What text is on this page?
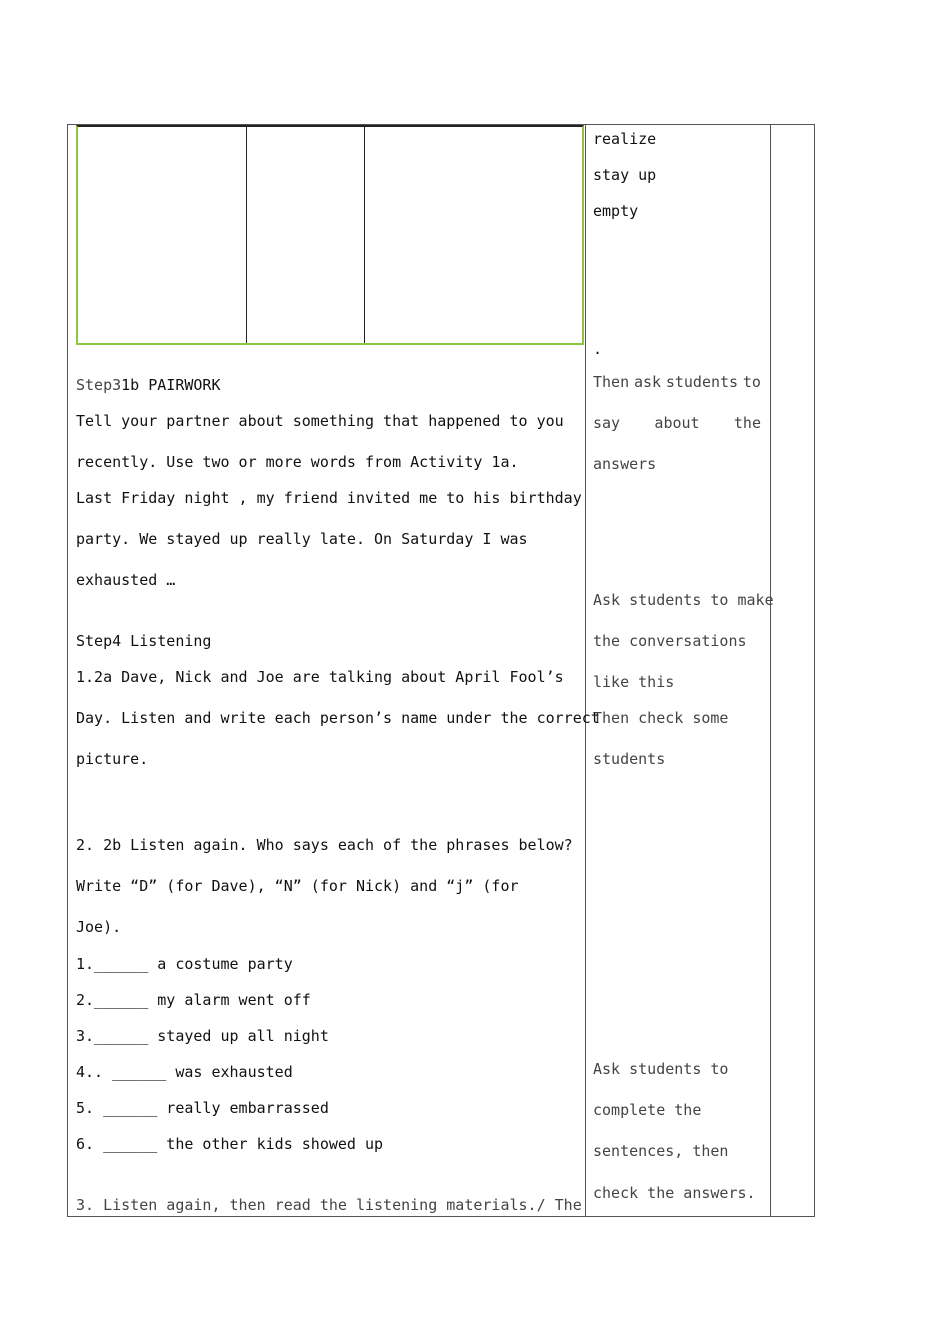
realize
stay up
empty
.
Then ask students to
say about the
answers
Ask students to make
the conversations
like this
Then check some
students
Ask students to
complete the
sentences, then
check the answers.
Step31b PAIRWORK
Tell your partner about something that happened to you
recently. Use two or more words from Activity 1a.
Last Friday night , my friend invited me to his birthday
party. We stayed up really late. On Saturday I was
exhausted …
Step4 Listening
1.2a Dave, Nick and Joe are talking about April Fool’s
Day. Listen and write each person’s name under the correct
picture.
2. 2b Listen again. Who says each of the phrases below?
Write “D” (for Dave), “N” (for Nick) and “j” (for
Joe).
1.______ a costume party
2.______ my alarm went off
3.______ stayed up all night
4.. ______ was exhausted
5. ______ really embarrassed
6. ______ the other kids showed up
3. Listen again, then read the listening materials./ The
